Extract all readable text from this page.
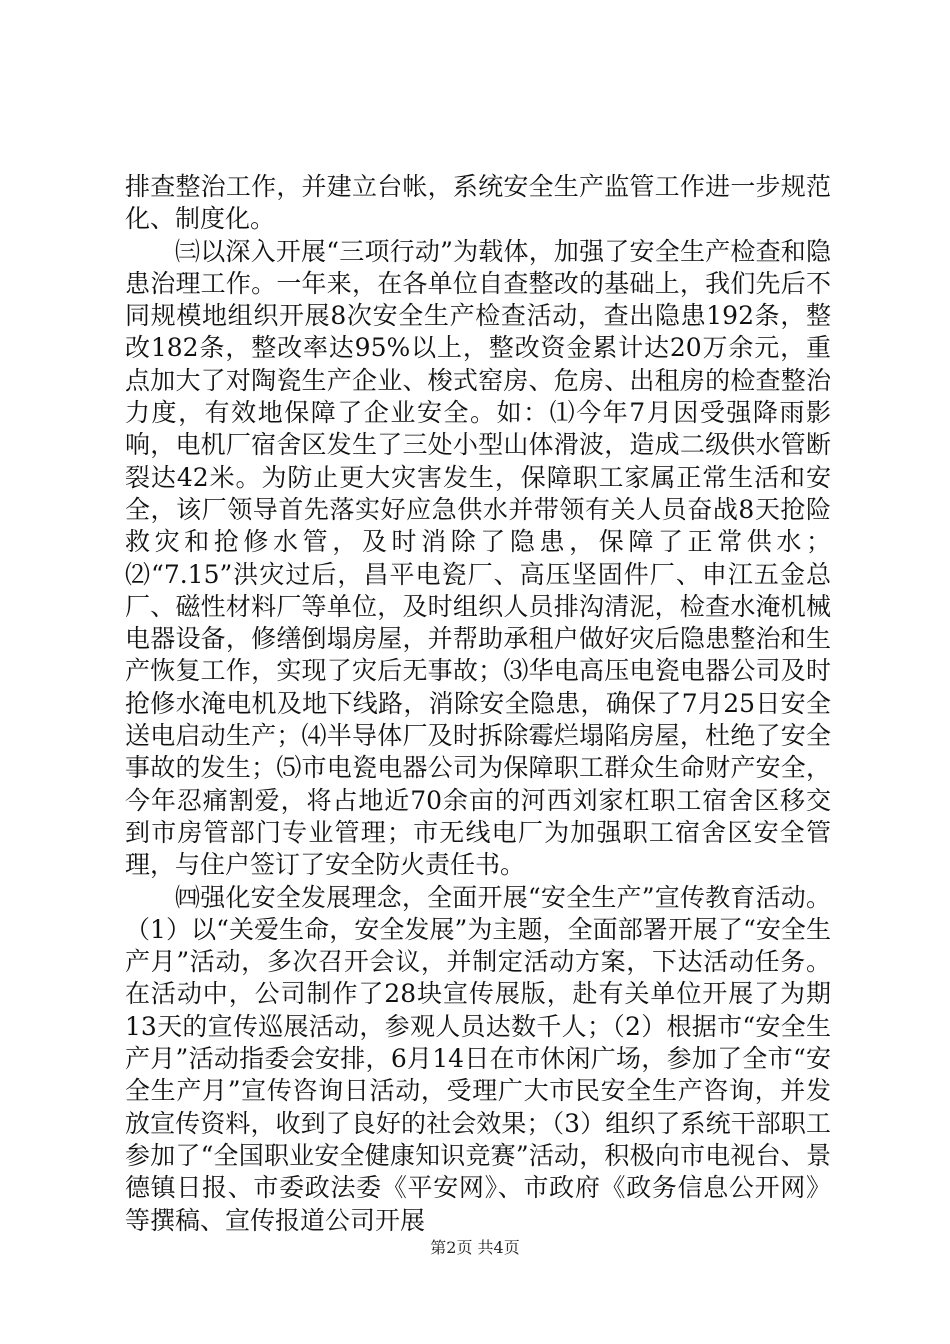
排查整治工作，并建立台帐，系统安全生产监管工作进一步规范化、制度化。

㈢以深入开展“三项行动”为载体，加强了安全生产检查和隐患治理工作。一年来，在各单位自查整改的基础上，我们先后不同规模地组织开展8次安全生产检查活动，查出隐患192条，整改182条，整改率达95%以上，整改资金累计达20万余元，重点加大了对陶瓷生产企业、梭式窑房、危房、出租房的检查整治力度，有效地保障了企业安全。如：⑴今年7月因受强降雨影响，电机厂宿舍区发生了三处小型山体滑波，造成二级供水管断裂达42米。为防止更大灾害发生，保障职工家属正常生活和安全，该厂领导首先落实好应急供水并带领有关人员奋战8天抢险救灾和抢修水管，及时消除了隐患，保障了正常供水；⑵“7.15”洪灾过后，昌平电瓷厂、高压坚固件厂、申江五金总厂、磁性材料厂等单位，及时组织人员排沟清泥，检查水淹机械电器设备，修缮倒塌房屋，并帮助承租户做好灾后隐患整治和生产恢复工作，实现了灾后无事故；⑶华电高压电瓷电器公司及时抢修水淹电机及地下线路，消除安全隐患，确保了7月25日安全送电启动生产；⑷半导体厂及时拆除霉烂塌陷房屋，杜绝了安全事故的发生；⑸市电瓷电器公司为保障职工群众生命财产安全，今年忍痛割爱，将占地近70余亩的河西刘家杠职工宿舍区移交到市房管部门专业管理；市无线电厂为加强职工宿舍区安全管理，与住户签订了安全防火责任书。

㈣强化安全发展理念，全面开展“安全生产”宣传教育活动。（1）以“关爱生命，安全发展”为主题，全面部署开展了“安全生产月”活动，多次召开会议，并制定活动方案，下达活动任务。在活动中，公司制作了28块宣传展版，赴有关单位开展了为期13天的宣传巡展活动，参观人员达数千人；（2）根据市“安全生产月”活动指委会安排，6月14日在市休闲广场，参加了全市“安全生产月”宣传咨询日活动，受理广大市民安全生产咨询，并发放宣传资料，收到了良好的社会效果；（3）组织了系统干部职工参加了“全国职业安全健康知识竞赛”活动，积极向市电视台、景德镇日报、市委政法委《平安网》、市政府《政务信息公开网》等撰稿、宣传报道公司开展

第2页 共4页
